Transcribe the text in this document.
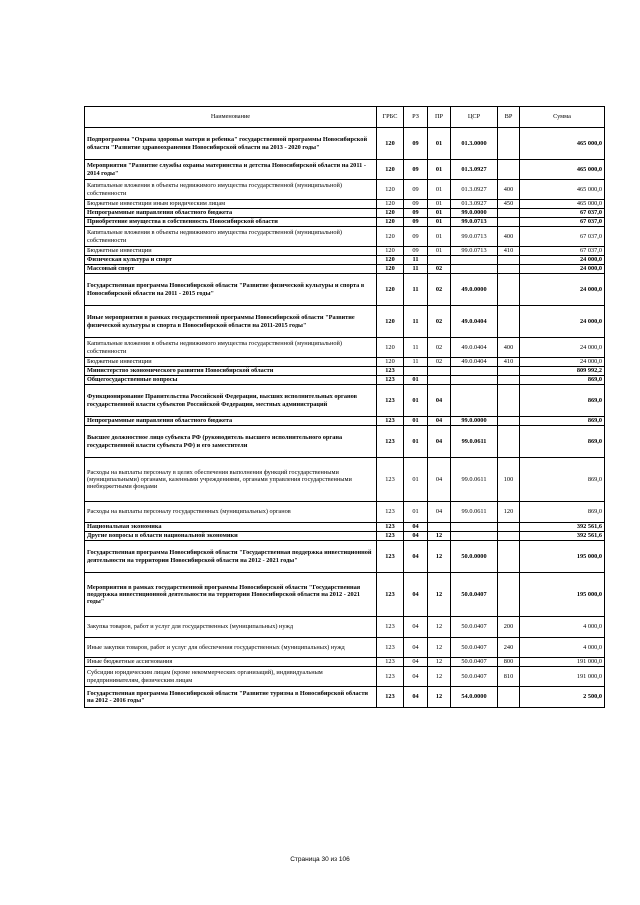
Наименование	ГРБС	РЗ	ПР	ЦСР	ВР	Сумма
Подпрограмма "Охрана здоровья матери и ребенка" государственной программы Новосибирской области "Развитие здравоохранения Новосибирской области на 2013 - 2020 годы"	120	09	01	01.3.0000		465 000,0
Мероприятия "Развитие службы охраны материнства и детства Новосибирской области на 2011 - 2014 годы"	120	09	01	01.3.0927		465 000,0
Капитальные вложения в объекты недвижимого имущества государственной (муниципальной) собственности	120	09	01	01.3.0927	400	465 000,0
Бюджетные инвестиции иным юридическим лицам	120	09	01	01.3.0927	450	465 000,0
Непрограммные направления областного бюджета	120	09	01	99.0.0000		67 037,0
Приобретение имущества в собственность Новосибирской области	120	09	01	99.0.0713		67 037,0
Капитальные вложения в объекты недвижимого имущества государственной (муниципальной) собственности	120	09	01	99.0.0713	400	67 037,0
Бюджетные инвестиции	120	09	01	99.0.0713	410	67 037,0
Физическая культура и спорт	120	11				24 000,0
Массовый спорт	120	11	02			24 000,0
Государственная программа Новосибирской области "Развитие физической культуры и спорта в Новосибирской области на 2011 - 2015 годы"	120	11	02	49.0.0000		24 000,0
Иные мероприятия в рамках государственной программы Новосибирской области "Развитие физической культуры и спорта в Новосибирской области на 2011-2015 годы"	120	11	02	49.0.0404		24 000,0
Капитальные вложения в объекты недвижимого имущества государственной (муниципальной) собственности	120	11	02	49.0.0404	400	24 000,0
Бюджетные инвестиции	120	11	02	49.0.0404	410	24 000,0
Министерство экономического развития Новосибирской области	123					809 992,2
Общегосударственные вопросы	123	01				869,0
Функционирование Правительства Российской Федерации, высших исполнительных органов государственной власти субъектов Российской Федерации, местных администраций	123	01	04			869,0
Непрограммные направления областного бюджета	123	01	04	99.0.0000		869,0
Высшее должностное лицо субъекта РФ (руководитель высшего исполнительного органа государственной власти субъекта РФ) и его заместители	123	01	04	99.0.0611		869,0
Расходы на выплаты персоналу в целях обеспечения выполнения функций государственными (муниципальными) органами, казенными учреждениями, органами управления государственными внебюджетными фондами	123	01	04	99.0.0611	100	869,0
Расходы на выплаты персоналу государственных (муниципальных) органов	123	01	04	99.0.0611	120	869,0
Национальная экономика	123	04				392 561,6
Другие вопросы в области национальной экономики	123	04	12			392 561,6
Государственная программа Новосибирской области "Государственная поддержка инвестиционной деятельности на территории Новосибирской области на 2012 - 2021 годы"	123	04	12	50.0.0000		195 000,0
Мероприятия в рамках государственной программы Новосибирской области "Государственная поддержка инвестиционной деятельности на территории Новосибирской области на 2012 - 2021 годы"	123	04	12	50.0.0407		195 000,0
Закупка товаров, работ и услуг для государственных (муниципальных) нужд	123	04	12	50.0.0407	200	4 000,0
Иные закупки товаров, работ и услуг для обеспечения государственных (муниципальных) нужд	123	04	12	50.0.0407	240	4 000,0
Иные бюджетные ассигнования	123	04	12	50.0.0407	800	191 000,0
Субсидии юридическим лицам (кроме некоммерческих организаций), индивидуальным предпринимателям, физическим лицам	123	04	12	50.0.0407	810	191 000,0
Государственная программа Новосибирской области "Развитие туризма в Новосибирской области на 2012 - 2016 годы"	123	04	12	54.0.0000		2 500,0
Страница 30 из 106
